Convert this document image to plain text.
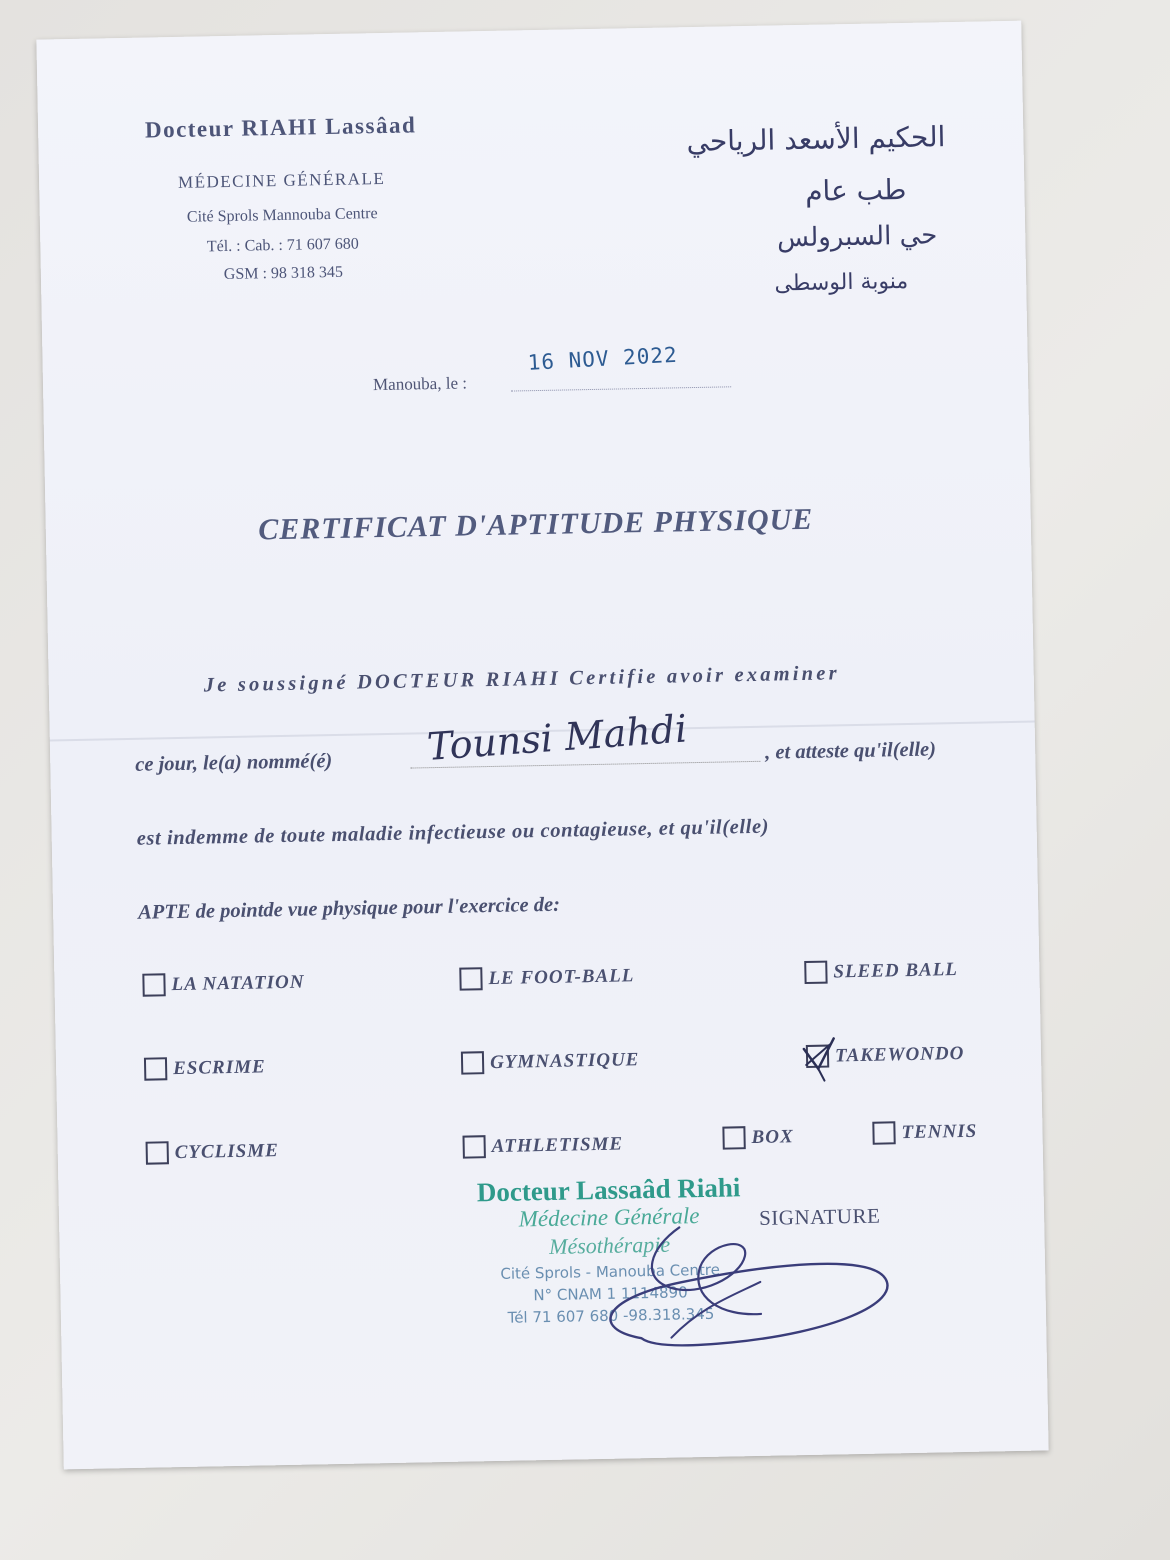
Docteur RIAHI Lassâad
MÉDECINE GÉNÉRALE
Cité Sprols Mannouba Centre
Tél. : Cab. : 71 607 680
GSM : 98 318 345
الحكيم الأسعد الرياحي
طب عام
حي السبرولس
منوبة الوسطى
Manouba, le :
16 NOV 2022
CERTIFICAT D'APTITUDE PHYSIQUE
Je soussigné DOCTEUR RIAHI Certifie avoir examiner
ce jour, le(a) nommé(é) Tounsi Mahdi	, et atteste qu'il(elle)
est indemme de toute maladie infectieuse ou contagieuse, et qu'il(elle)
APTE de pointde vue physique pour l'exercice de:
LA NATATION	LE FOOT-BALL	SLEED BALL
ESCRIME	GYMNASTIQUE	TAKEWONDO
CYCLISME	ATHLETISME	BOX	TENNIS
Docteur Lassaâd Riahi
Médecine Générale
Mésothérapie
Cité Sprols - Manouba Centre
N° CNAM 1 1114890
Tél 71 607 680 -98.318.345
SIGNATURE
